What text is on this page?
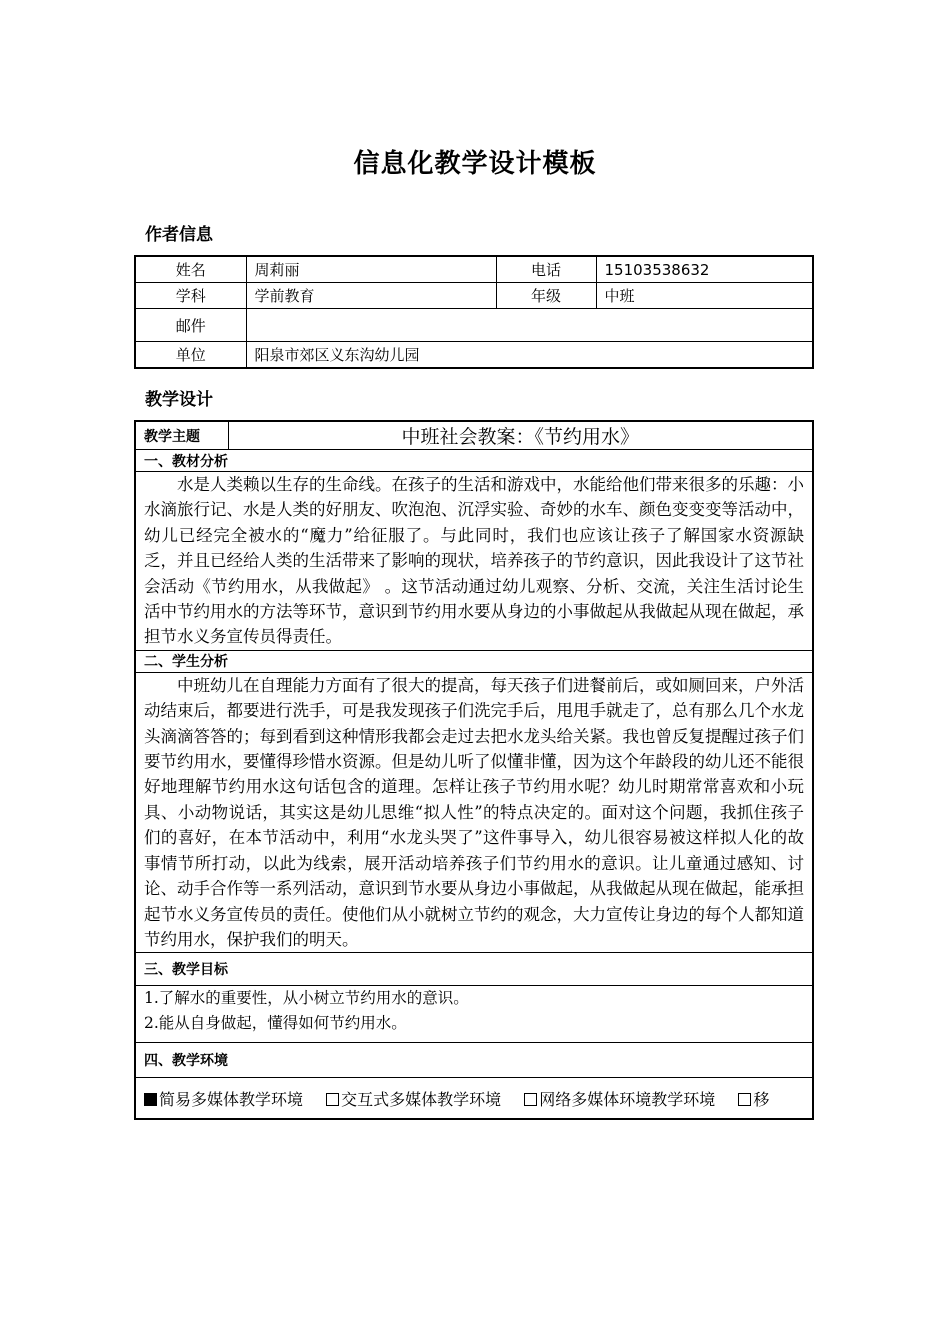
信息化教学设计模板
作者信息
姓名	周莉丽	电话	15103538632
学科	学前教育	年级	中班
邮件			
单位	阳泉市郊区义东沟幼儿园		
教学设计
教学主题	中班社会教案：《节约用水》
一、教材分析
水是人类赖以生存的生命线。在孩子的生活和游戏中，水能给他们带来很多的乐趣：小水滴旅行记、水是人类的好朋友、吹泡泡、沉浮实验、奇妙的水车、颜色变变变等活动中，幼儿已经完全被水的“魔力”给征服了。与此同时，我们也应该让孩子了解国家水资源缺乏，并且已经给人类的生活带来了影响的现状，培养孩子的节约意识，因此我设计了这节社会活动《节约用水，从我做起》 。这节活动通过幼儿观察、分析、交流，关注生活讨论生活中节约用水的方法等环节，意识到节约用水要从身边的小事做起从我做起从现在做起，承担节水义务宣传员得责任。
二、学生分析
中班幼儿在自理能力方面有了很大的提高，每天孩子们进餐前后，或如厕回来，户外活动结束后，都要进行洗手，可是我发现孩子们洗完手后，甩甩手就走了，总有那么几个水龙头滴滴答答的；每到看到这种情形我都会走过去把水龙头给关紧。我也曾反复提醒过孩子们要节约用水，要懂得珍惜水资源。但是幼儿听了似懂非懂，因为这个年龄段的幼儿还不能很好地理解节约用水这句话包含的道理。怎样让孩子节约用水呢？幼儿时期常常喜欢和小玩具、小动物说话，其实这是幼儿思维“拟人性”的特点决定的。面对这个问题，我抓住孩子们的喜好，在本节活动中，利用“水龙头哭了”这件事导入，幼儿很容易被这样拟人化的故事情节所打动，以此为线索，展开活动培养孩子们节约用水的意识。让儿童通过感知、讨论、动手合作等一系列活动，意识到节水要从身边小事做起，从我做起从现在做起，能承担起节水义务宣传员的责任。使他们从小就树立节约的观念，大力宣传让身边的每个人都知道节约用水，保护我们的明天。
三、教学目标

1.了解水的重要性，从小树立节约用水的意识。
2.能从自身做起，懂得如何节约用水。

四、教学环境
简易多媒体教学环境 交互式多媒体教学环境 网络多媒体环境教学环境 移
